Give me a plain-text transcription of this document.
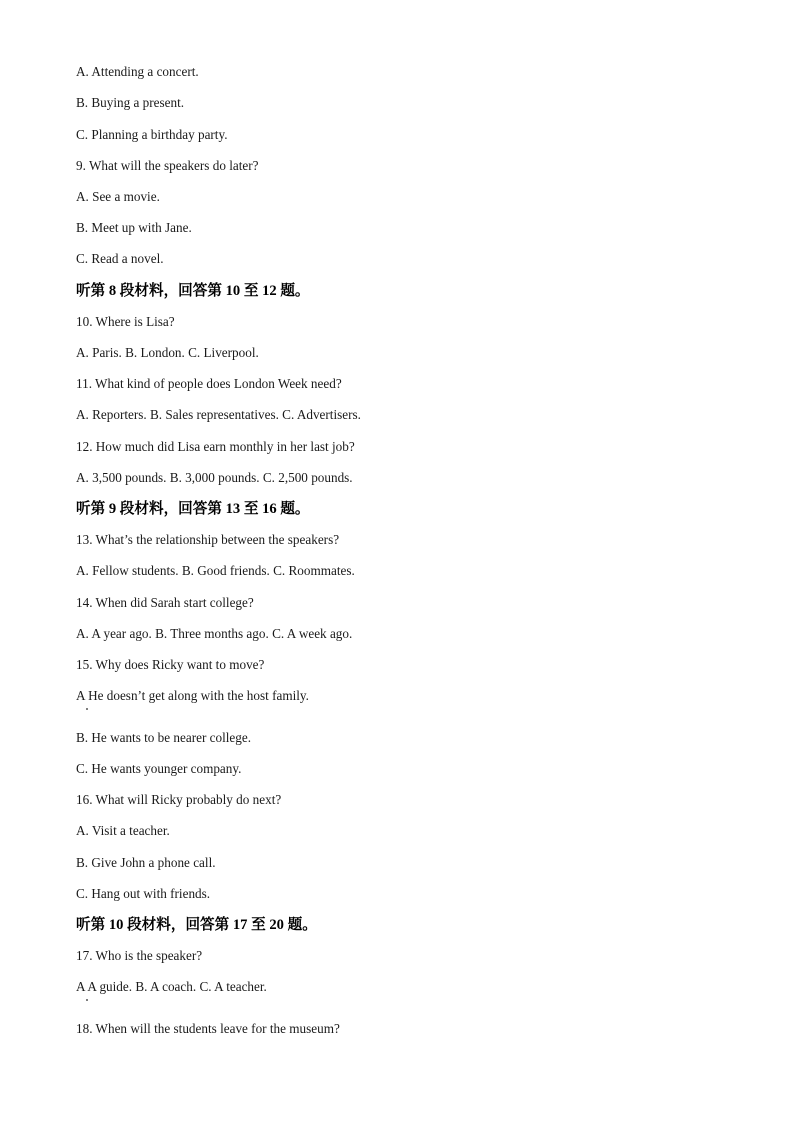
A. Attending a concert.
B. Buying a present.
C. Planning a birthday party.
9. What will the speakers do later?
A. See a movie.
B. Meet up with Jane.
C. Read a novel.
听第 8 段材料，回答第 10 至 12 题。
10. Where is Lisa?
A. Paris. B. London. C. Liverpool.
11. What kind of people does London Week need?
A. Reporters. B. Sales representatives. C. Advertisers.
12. How much did Lisa earn monthly in her last job?
A. 3,500 pounds. B. 3,000 pounds. C. 2,500 pounds.
听第 9 段材料，回答第 13 至 16 题。
13. What’s the relationship between the speakers?
A. Fellow students. B. Good friends. C. Roommates.
14. When did Sarah start college?
A. A year ago. B. Three months ago. C. A week ago.
15. Why does Ricky want to move?
A He doesn’t get along with the host family.
B. He wants to be nearer college.
C. He wants younger company.
16. What will Ricky probably do next?
A. Visit a teacher.
B. Give John a phone call.
C. Hang out with friends.
听第 10 段材料，回答第 17 至 20 题。
17. Who is the speaker?
A A guide. B. A coach. C. A teacher.
18. When will the students leave for the museum?
